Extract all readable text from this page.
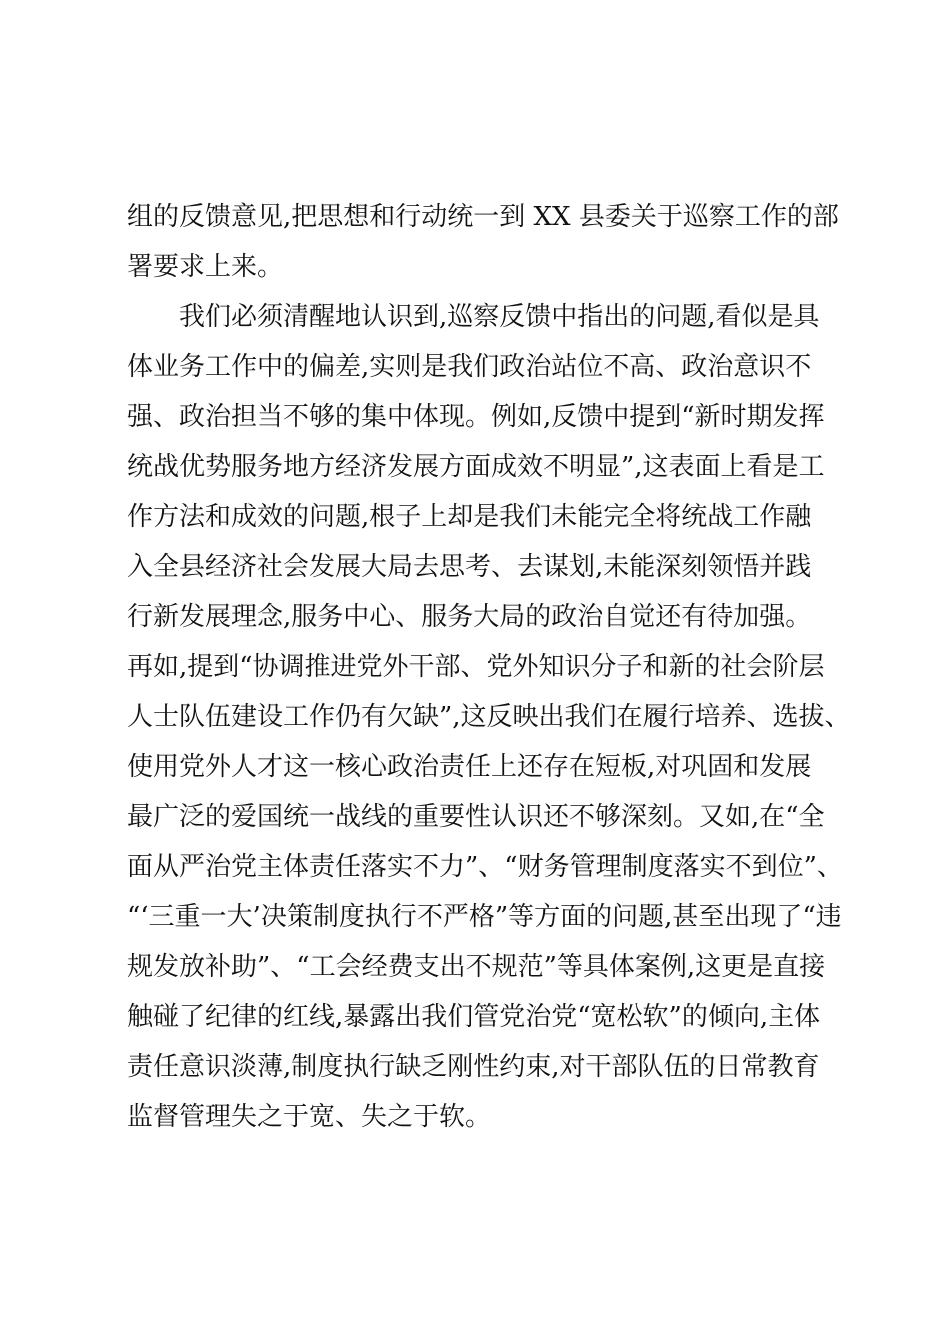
组的反馈意见,把思想和行动统一到 XX 县委关于巡察工作的部
署要求上来。
我们必须清醒地认识到,巡察反馈中指出的问题,看似是具
体业务工作中的偏差,实则是我们政治站位不高、政治意识不
强、政治担当不够的集中体现。例如,反馈中提到“新时期发挥
统战优势服务地方经济发展方面成效不明显”,这表面上看是工
作方法和成效的问题,根子上却是我们未能完全将统战工作融
入全县经济社会发展大局去思考、去谋划,未能深刻领悟并践
行新发展理念,服务中心、服务大局的政治自觉还有待加强。
再如,提到“协调推进党外干部、党外知识分子和新的社会阶层
人士队伍建设工作仍有欠缺”,这反映出我们在履行培养、选拔、
使用党外人才这一核心政治责任上还存在短板,对巩固和发展
最广泛的爱国统一战线的重要性认识还不够深刻。又如,在“全
面从严治党主体责任落实不力”、“财务管理制度落实不到位”、
“‘三重一大’决策制度执行不严格”等方面的问题,甚至出现了“违
规发放补助”、“工会经费支出不规范”等具体案例,这更是直接
触碰了纪律的红线,暴露出我们管党治党“宽松软”的倾向,主体
责任意识淡薄,制度执行缺乏刚性约束,对干部队伍的日常教育
监督管理失之于宽、失之于软。
